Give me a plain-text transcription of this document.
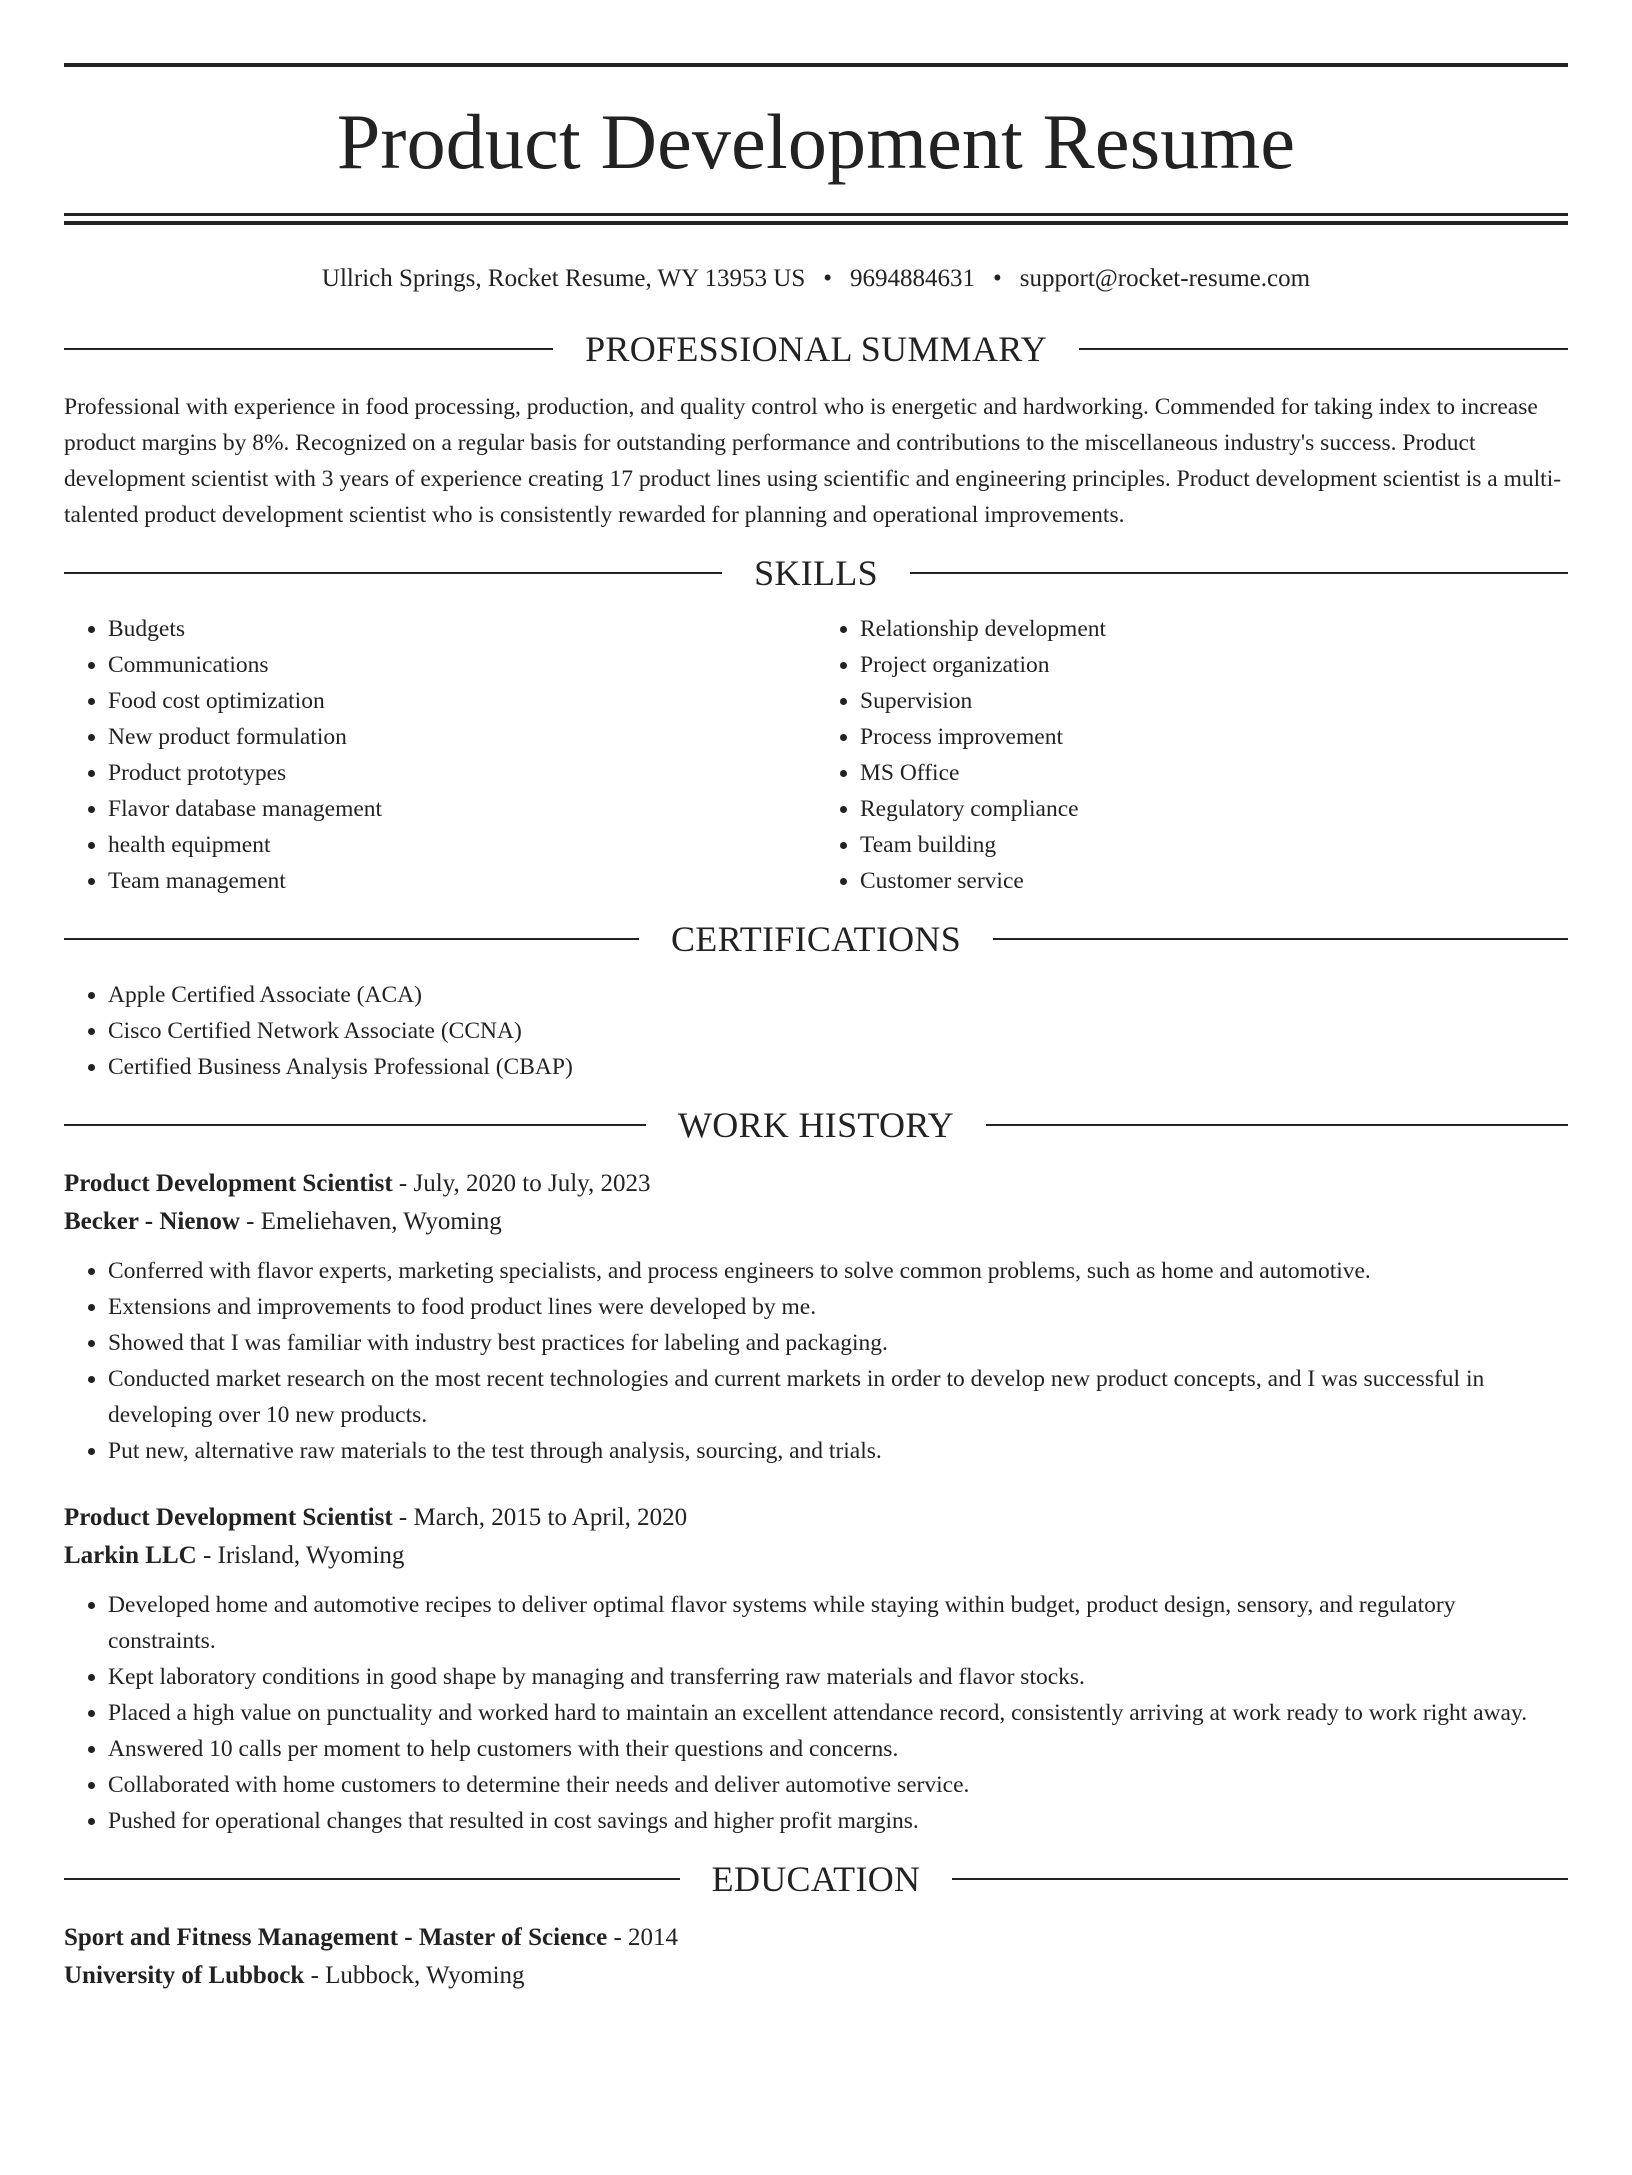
Product Development Resume
Ullrich Springs, Rocket Resume, WY 13953 US • 9694884631 • support@rocket-resume.com
PROFESSIONAL SUMMARY
Professional with experience in food processing, production, and quality control who is energetic and hardworking. Commended for taking index to increase product margins by 8%. Recognized on a regular basis for outstanding performance and contributions to the miscellaneous industry's success. Product development scientist with 3 years of experience creating 17 product lines using scientific and engineering principles. Product development scientist is a multi-talented product development scientist who is consistently rewarded for planning and operational improvements.
SKILLS
• Budgets
• Communications
• Food cost optimization
• New product formulation
• Product prototypes
• Flavor database management
• health equipment
• Team management
• Relationship development
• Project organization
• Supervision
• Process improvement
• MS Office
• Regulatory compliance
• Team building
• Customer service
CERTIFICATIONS
• Apple Certified Associate (ACA)
• Cisco Certified Network Associate (CCNA)
• Certified Business Analysis Professional (CBAP)
WORK HISTORY
Product Development Scientist - July, 2020 to July, 2023
Becker - Nienow - Emeliehaven, Wyoming
• Conferred with flavor experts, marketing specialists, and process engineers to solve common problems, such as home and automotive.
• Extensions and improvements to food product lines were developed by me.
• Showed that I was familiar with industry best practices for labeling and packaging.
• Conducted market research on the most recent technologies and current markets in order to develop new product concepts, and I was successful in developing over 10 new products.
• Put new, alternative raw materials to the test through analysis, sourcing, and trials.
Product Development Scientist - March, 2015 to April, 2020
Larkin LLC - Irisland, Wyoming
• Developed home and automotive recipes to deliver optimal flavor systems while staying within budget, product design, sensory, and regulatory constraints.
• Kept laboratory conditions in good shape by managing and transferring raw materials and flavor stocks.
• Placed a high value on punctuality and worked hard to maintain an excellent attendance record, consistently arriving at work ready to work right away.
• Answered 10 calls per moment to help customers with their questions and concerns.
• Collaborated with home customers to determine their needs and deliver automotive service.
• Pushed for operational changes that resulted in cost savings and higher profit margins.
EDUCATION
Sport and Fitness Management - Master of Science - 2014
University of Lubbock - Lubbock, Wyoming
